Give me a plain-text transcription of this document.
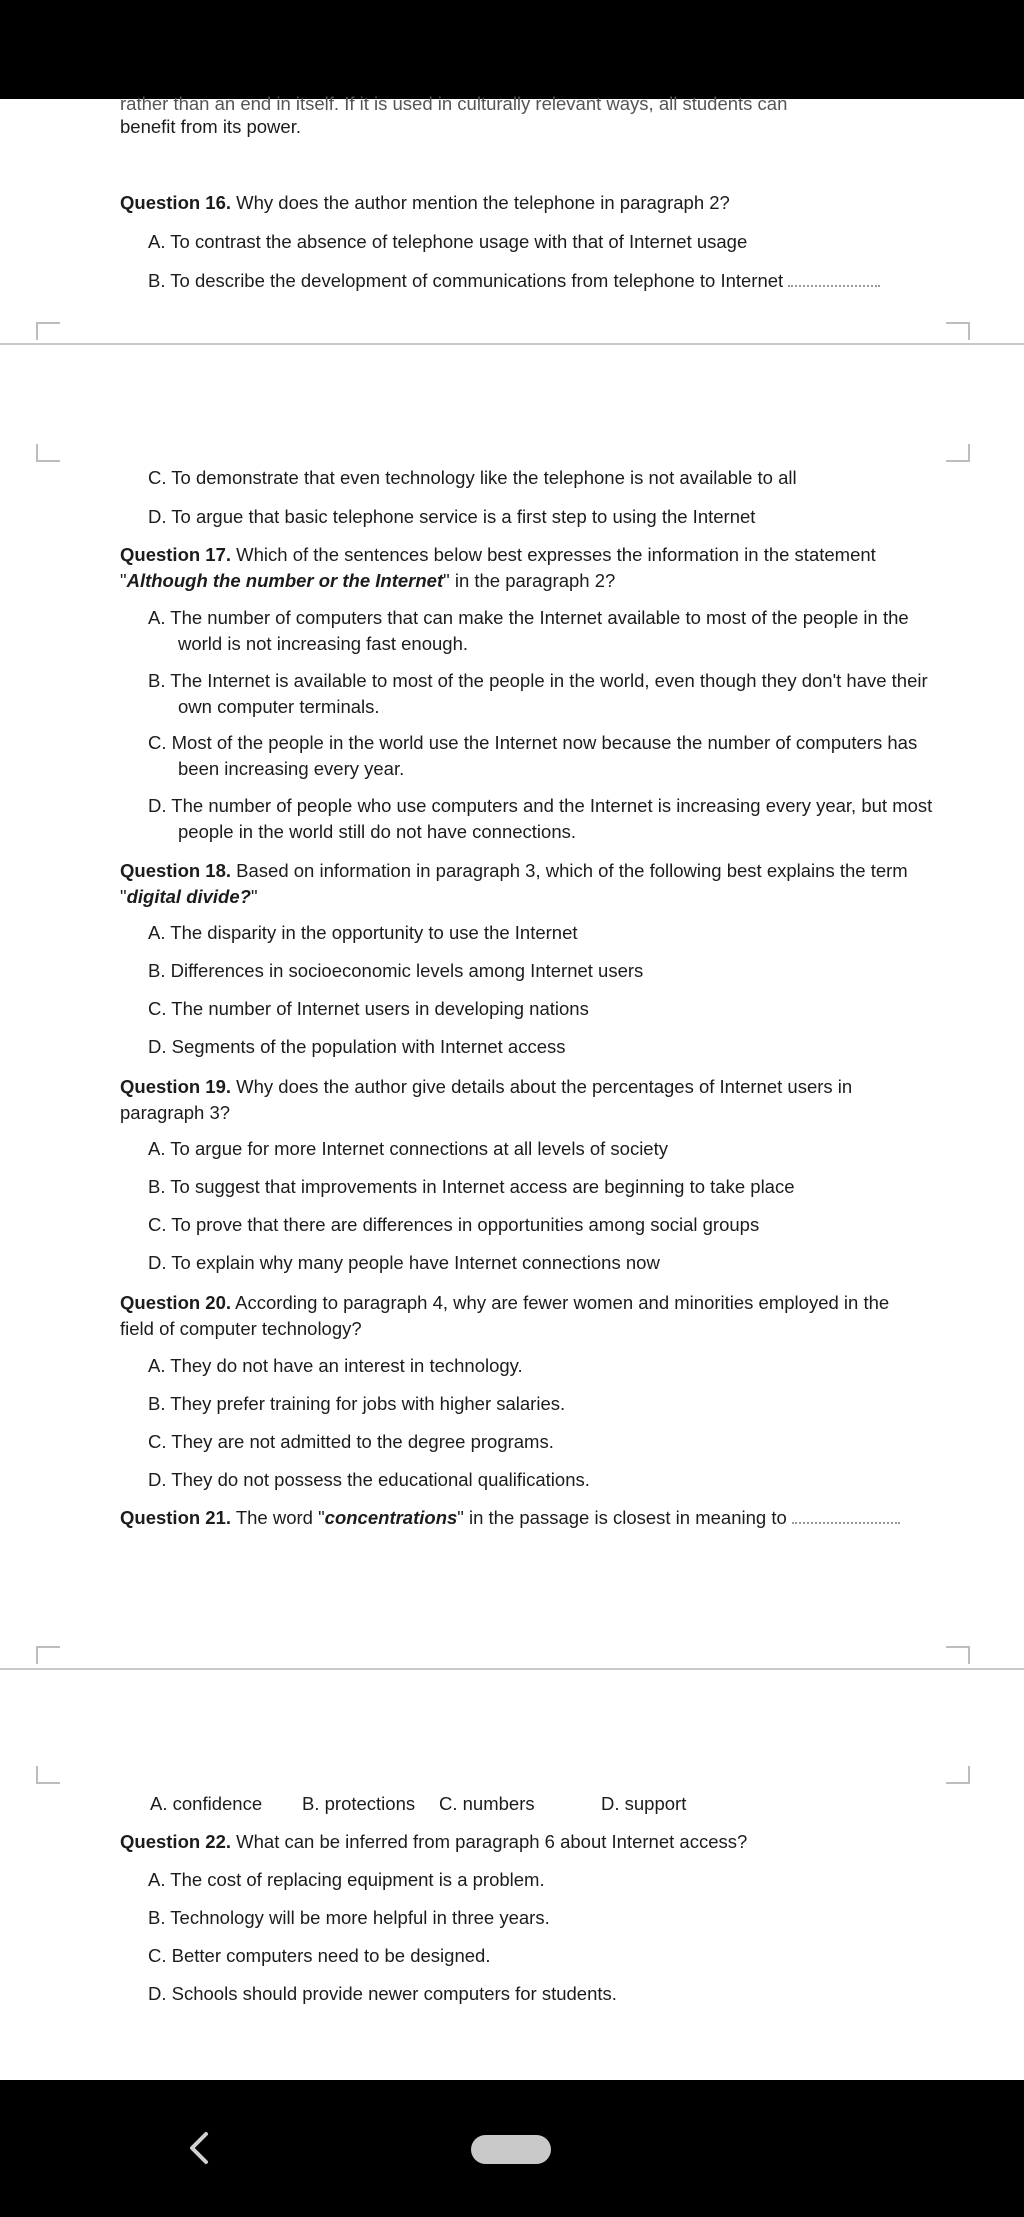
rather than an end in itself. If it is used in culturally relevant ways, all students can
benefit from its power.
Question 16. Why does the author mention the telephone in paragraph 2?
A. To contrast the absence of telephone usage with that of Internet usage
B. To describe the development of communications from telephone to Internet
C. To demonstrate that even technology like the telephone is not available to all
D. To argue that basic telephone service is a first step to using the Internet
Question 17. Which of the sentences below best expresses the information in the statement "Although the number or the Internet" in the paragraph 2?
A. The number of computers that can make the Internet available to most of the people in the world is not increasing fast enough.
B. The Internet is available to most of the people in the world, even though they don't have their own computer terminals.
C. Most of the people in the world use the Internet now because the number of computers has been increasing every year.
D. The number of people who use computers and the Internet is increasing every year, but most people in the world still do not have connections.
Question 18. Based on information in paragraph 3, which of the following best explains the term "digital divide?"
A. The disparity in the opportunity to use the Internet
B. Differences in socioeconomic levels among Internet users
C. The number of Internet users in developing nations
D. Segments of the population with Internet access
Question 19. Why does the author give details about the percentages of Internet users in paragraph 3?
A. To argue for more Internet connections at all levels of society
B. To suggest that improvements in Internet access are beginning to take place
C. To prove that there are differences in opportunities among social groups
D. To explain why many people have Internet connections now
Question 20. According to paragraph 4, why are fewer women and minorities employed in the field of computer technology?
A. They do not have an interest in technology.
B. They prefer training for jobs with higher salaries.
C. They are not admitted to the degree programs.
D. They do not possess the educational qualifications.
Question 21. The word "concentrations" in the passage is closest in meaning to
A. confidence B. protections C. numbers	D. support
Question 22. What can be inferred from paragraph 6 about Internet access?
A. The cost of replacing equipment is a problem.
B. Technology will be more helpful in three years.
C. Better computers need to be designed.
D. Schools should provide newer computers for students.
